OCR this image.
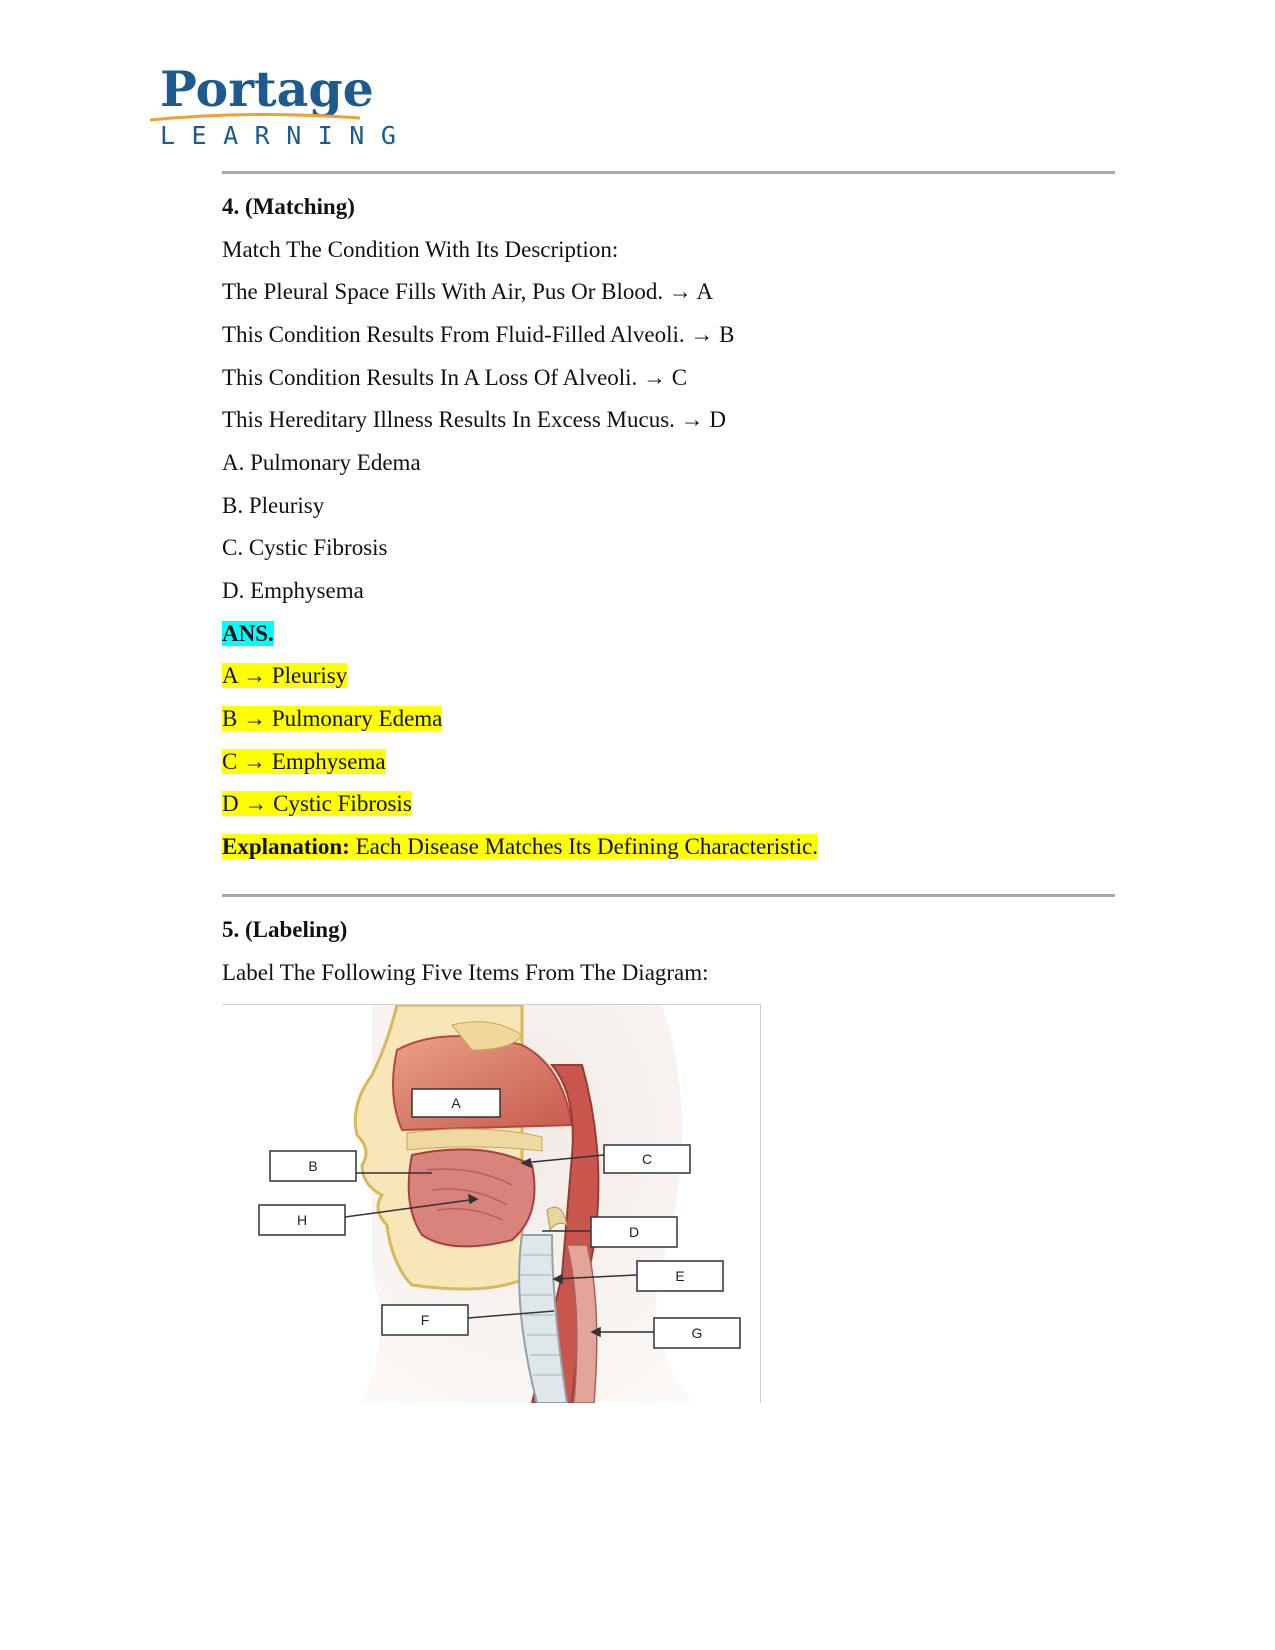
Portage
LEARNING
4. (Matching)
Match The Condition With Its Description:
The Pleural Space Fills With Air, Pus Or Blood. → A
This Condition Results From Fluid-Filled Alveoli. → B
This Condition Results In A Loss Of Alveoli. → C
This Hereditary Illness Results In Excess Mucus. → D
A. Pulmonary Edema
B. Pleurisy
C. Cystic Fibrosis
D. Emphysema
ANS.
A → Pleurisy
B → Pulmonary Edema
C → Emphysema
D → Cystic Fibrosis
Explanation: Each Disease Matches Its Defining Characteristic.
5. (Labeling)
Label The Following Five Items From The Diagram:
A
B
H
C
D
E
F
G
